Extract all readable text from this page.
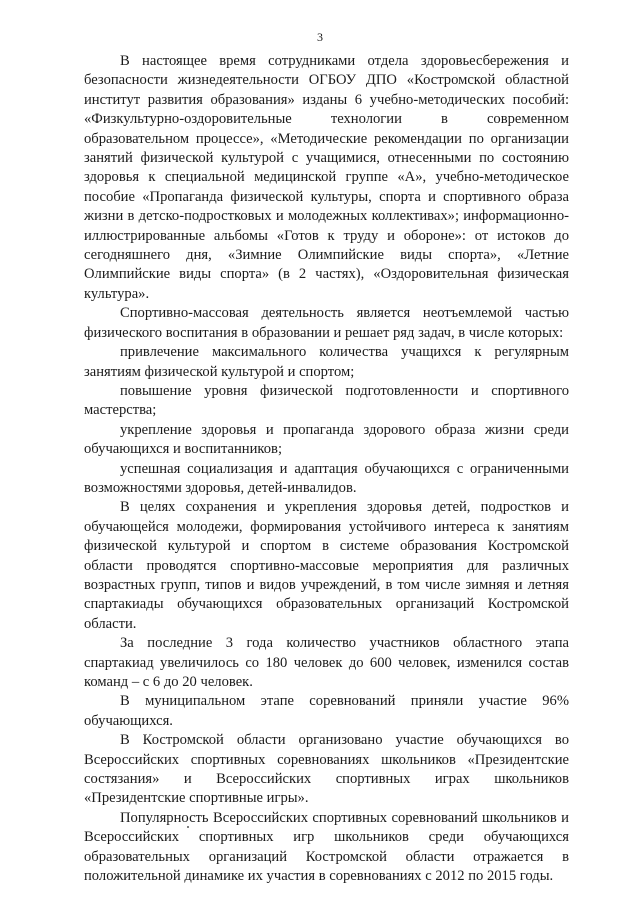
3

В настоящее время сотрудниками отдела здоровьесбережения и безопасности жизнедеятельности ОГБОУ ДПО «Костромской областной институт развития образования» изданы 6 учебно-методических пособий: «Физкультурно-оздоровительные технологии в современном образовательном процессе», «Методические рекомендации по организации занятий физической культурой с учащимися, отнесенными по состоянию здоровья к специальной медицинской группе «А», учебно-методическое пособие «Пропаганда физической культуры, спорта и спортивного образа жизни в детско-подростковых и молодежных коллективах»; информационно-иллюстрированные альбомы «Готов к труду и обороне»: от истоков до сегодняшнего дня, «Зимние Олимпийские виды спорта», «Летние Олимпийские виды спорта» (в 2 частях), «Оздоровительная физическая культура».

Спортивно-массовая деятельность является неотъемлемой частью физического воспитания в образовании и решает ряд задач, в числе которых:

привлечение максимального количества учащихся к регулярным занятиям физической культурой и спортом;

повышение уровня физической подготовленности и спортивного мастерства;

укрепление здоровья и пропаганда здорового образа жизни среди обучающихся и воспитанников;

успешная социализация и адаптация обучающихся с ограниченными возможностями здоровья, детей-инвалидов.

В целях сохранения и укрепления здоровья детей, подростков и обучающейся молодежи, формирования устойчивого интереса к занятиям физической культурой и спортом в системе образования Костромской области проводятся спортивно-массовые мероприятия для различных возрастных групп, типов и видов учреждений, в том числе зимняя и летняя спартакиады обучающихся образовательных организаций Костромской области.

За последние 3 года количество участников областного этапа спартакиад увеличилось со 180 человек до 600 человек, изменился состав команд – с 6 до 20 человек.

В муниципальном этапе соревнований приняли участие 96% обучающихся.

В Костромской области организовано участие обучающихся во Всероссийских спортивных соревнованиях школьников «Президентские состязания» и Всероссийских спортивных играх школьников «Президентские спортивные игры».

Популярность Всероссийских спортивных соревнований школьников и Всероссийских спортивных игр школьников среди обучающихся образовательных организаций Костромской области отражается в положительной динамике их участия в соревнованиях с 2012 по 2015 годы.
